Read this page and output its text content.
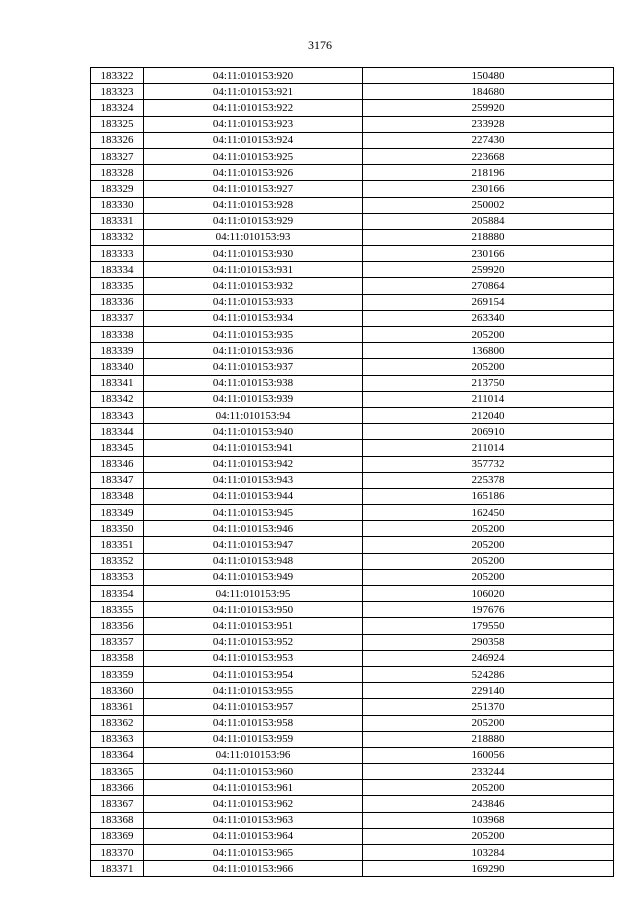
3176
183322	04:11:010153:920	150480
183323	04:11:010153:921	184680
183324	04:11:010153:922	259920
183325	04:11:010153:923	233928
183326	04:11:010153:924	227430
183327	04:11:010153:925	223668
183328	04:11:010153:926	218196
183329	04:11:010153:927	230166
183330	04:11:010153:928	250002
183331	04:11:010153:929	205884
183332	04:11:010153:93	218880
183333	04:11:010153:930	230166
183334	04:11:010153:931	259920
183335	04:11:010153:932	270864
183336	04:11:010153:933	269154
183337	04:11:010153:934	263340
183338	04:11:010153:935	205200
183339	04:11:010153:936	136800
183340	04:11:010153:937	205200
183341	04:11:010153:938	213750
183342	04:11:010153:939	211014
183343	04:11:010153:94	212040
183344	04:11:010153:940	206910
183345	04:11:010153:941	211014
183346	04:11:010153:942	357732
183347	04:11:010153:943	225378
183348	04:11:010153:944	165186
183349	04:11:010153:945	162450
183350	04:11:010153:946	205200
183351	04:11:010153:947	205200
183352	04:11:010153:948	205200
183353	04:11:010153:949	205200
183354	04:11:010153:95	106020
183355	04:11:010153:950	197676
183356	04:11:010153:951	179550
183357	04:11:010153:952	290358
183358	04:11:010153:953	246924
183359	04:11:010153:954	524286
183360	04:11:010153:955	229140
183361	04:11:010153:957	251370
183362	04:11:010153:958	205200
183363	04:11:010153:959	218880
183364	04:11:010153:96	160056
183365	04:11:010153:960	233244
183366	04:11:010153:961	205200
183367	04:11:010153:962	243846
183368	04:11:010153:963	103968
183369	04:11:010153:964	205200
183370	04:11:010153:965	103284
183371	04:11:010153:966	169290
